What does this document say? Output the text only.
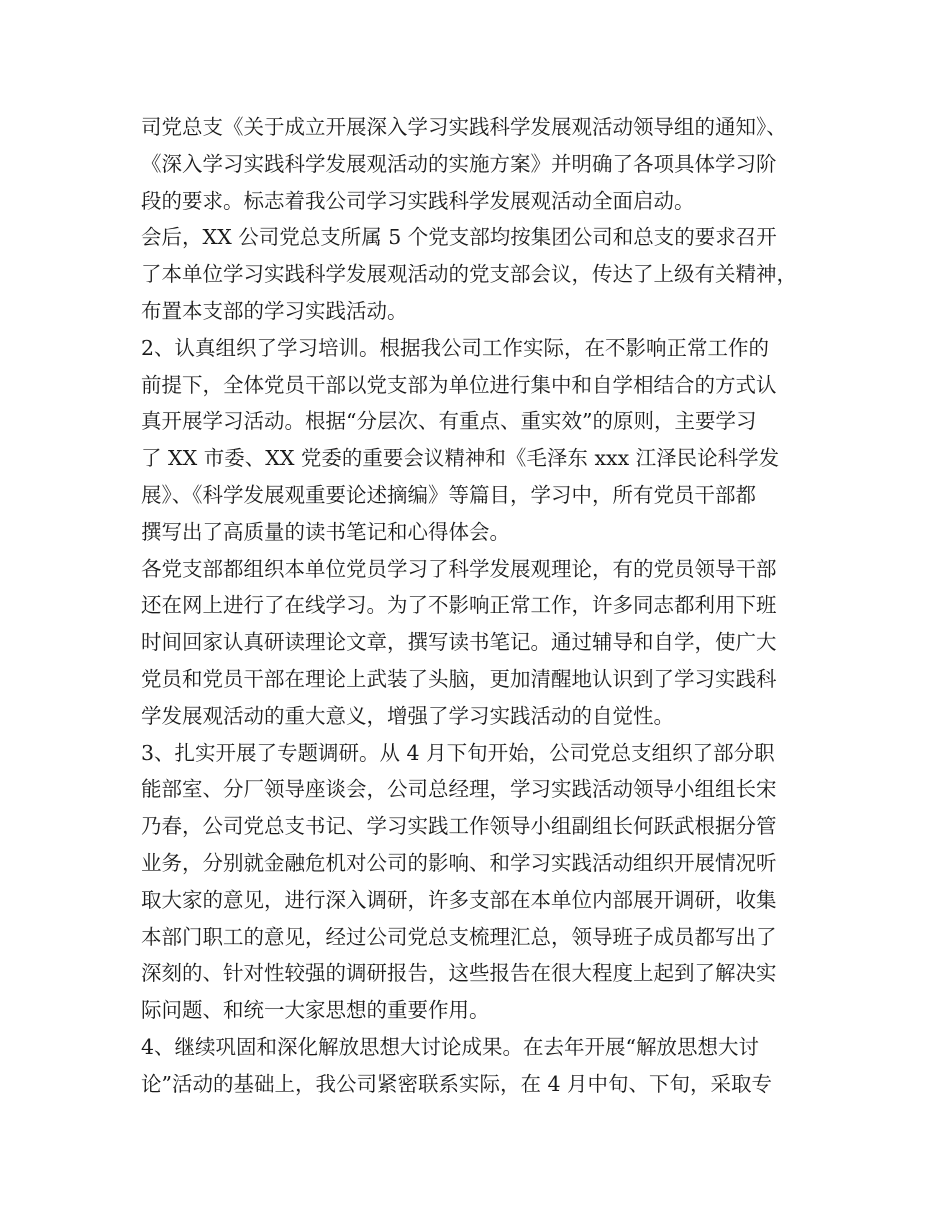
司党总支《关于成立开展深入学习实践科学发展观活动领导组的通知》、
《深入学习实践科学发展观活动的实施方案》并明确了各项具体学习阶
段的要求。标志着我公司学习实践科学发展观活动全面启动。
会后，XX 公司党总支所属 5 个党支部均按集团公司和总支的要求召开
了本单位学习实践科学发展观活动的党支部会议，传达了上级有关精神，
布置本支部的学习实践活动。
2、认真组织了学习培训。根据我公司工作实际，在不影响正常工作的
前提下，全体党员干部以党支部为单位进行集中和自学相结合的方式认
真开展学习活动。根据“分层次、有重点、重实效”的原则，主要学习
了 XX 市委、XX 党委的重要会议精神和《毛泽东 xxx 江泽民论科学发
展》、《科学发展观重要论述摘编》等篇目，学习中，所有党员干部都
撰写出了高质量的读书笔记和心得体会。
各党支部都组织本单位党员学习了科学发展观理论，有的党员领导干部
还在网上进行了在线学习。为了不影响正常工作，许多同志都利用下班
时间回家认真研读理论文章，撰写读书笔记。通过辅导和自学，使广大
党员和党员干部在理论上武装了头脑，更加清醒地认识到了学习实践科
学发展观活动的重大意义，增强了学习实践活动的自觉性。
3、扎实开展了专题调研。从 4 月下旬开始，公司党总支组织了部分职
能部室、分厂领导座谈会，公司总经理，学习实践活动领导小组组长宋
乃春，公司党总支书记、学习实践工作领导小组副组长何跃武根据分管
业务，分别就金融危机对公司的影响、和学习实践活动组织开展情况听
取大家的意见，进行深入调研，许多支部在本单位内部展开调研，收集
本部门职工的意见，经过公司党总支梳理汇总，领导班子成员都写出了
深刻的、针对性较强的调研报告，这些报告在很大程度上起到了解决实
际问题、和统一大家思想的重要作用。
4、继续巩固和深化解放思想大讨论成果。在去年开展“解放思想大讨
论”活动的基础上，我公司紧密联系实际，在 4 月中旬、下旬，采取专
